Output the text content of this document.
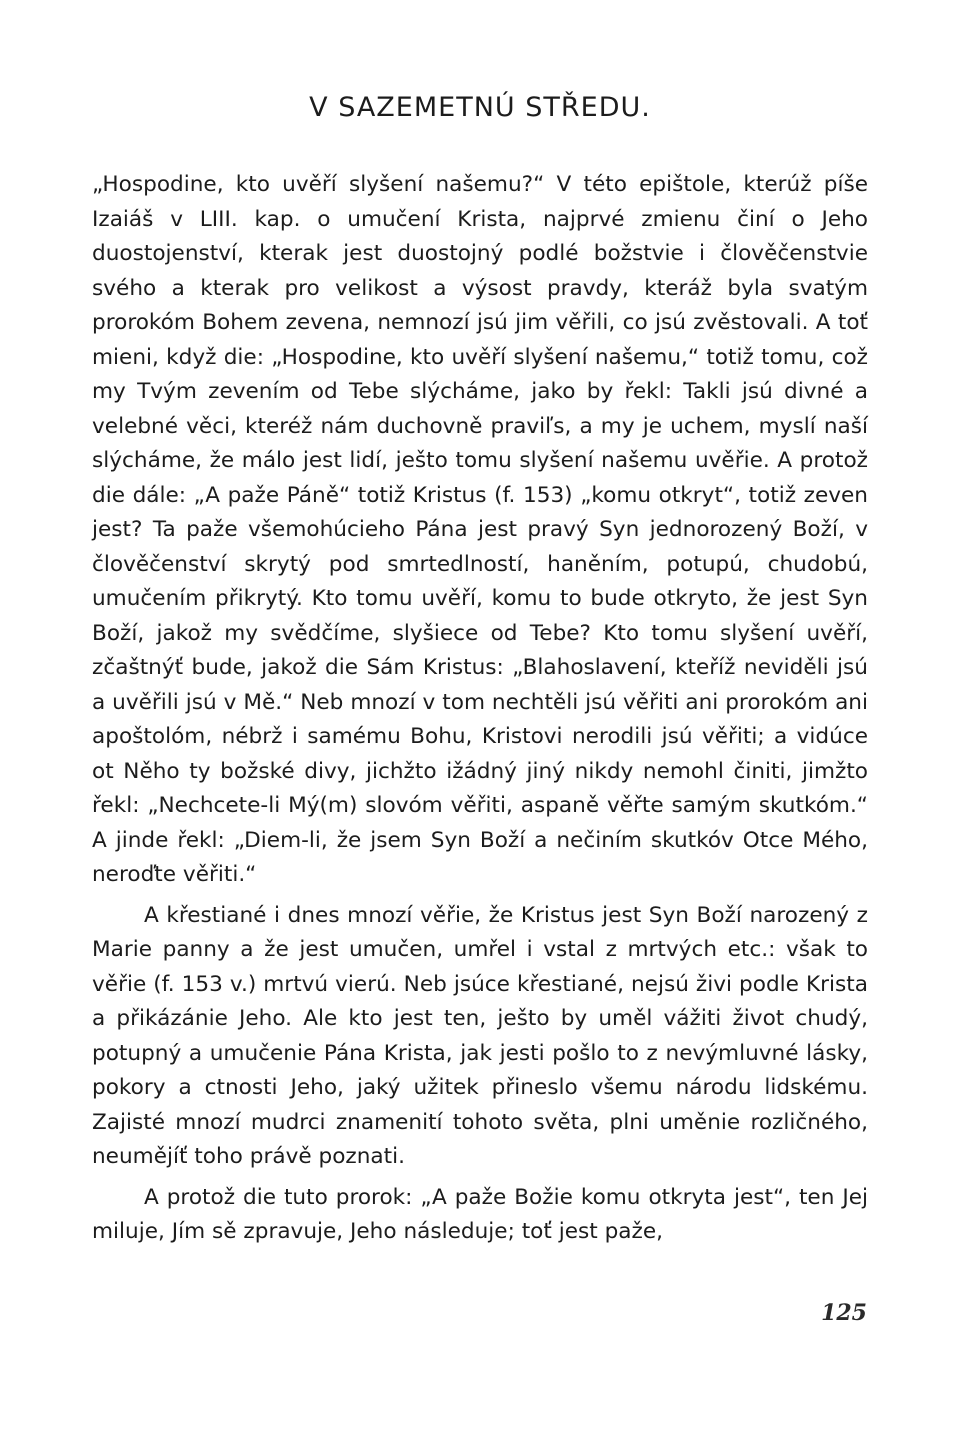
V SAZEMETNÚ STŘEDU.

„Hospodine, kto uvěří slyšení našemu?“ V této epištole, kterúž píše Izaiáš v LIII. kap. o umučení Krista, najprvé zmienu činí o Jeho duostojenství, kterak jest duostojný podlé božstvie i člověčenstvie svého a kterak pro velikost a výsost pravdy, kteráž byla svatým prorokóm Bohem zevena, nemnozí jsú jim věřili, co jsú zvěstovali. A toť mieni, když die: „Hospodine, kto uvěří slyšení našemu,“ totiž tomu, což my Tvým zevením od Tebe slýcháme, jako by řekl: Takli jsú divné a velebné věci, kteréž nám duchovně praviľs, a my je uchem, myslí naší slýcháme, že málo jest lidí, ješto tomu slyšení našemu uvěřie. A protož die dále: „A paže Páně“ totiž Kristus (f. 153) „komu otkryt“, totiž zeven jest? Ta paže všemohúcieho Pána jest pravý Syn jednorozený Boží, v člověčenství skrytý pod smrtedlností, haněním, potupú, chudobú, umučením přikrytý. Kto tomu uvěří, komu to bude otkryto, že jest Syn Boží, jakož my svědčíme, slyšiece od Tebe? Kto tomu slyšení uvěří, zčaštnýť bude, jakož die Sám Kristus: „Blahoslavení, kteříž neviděli jsú a uvěřili jsú v Mě.“ Neb mnozí v tom nechtěli jsú věřiti ani prorokóm ani apoštolóm, nébrž i samému Bohu, Kristovi nerodili jsú věřiti; a vidúce ot Něho ty božské divy, jichžto ižádný jiný nikdy nemohl činiti, jimžto řekl: „Nechcete-li Mý(m) slovóm věřiti, aspaně věřte samým skutkóm.“ A jinde řekl: „Diem-li, že jsem Syn Boží a nečiním skutkóv Otce Mého, neroďte věřiti.“

A křestiané i dnes mnozí věřie, že Kristus jest Syn Boží narozený z Marie panny a že jest umučen, umřel i vstal z mrtvých etc.: však to věřie (f. 153 v.) mrtvú vierú. Neb jsúce křestiané, nejsú živi podle Krista a přikázánie Jeho. Ale kto jest ten, ješto by uměl vážiti život chudý, potupný a umučenie Pána Krista, jak jesti pošlo to z nevýmluvné lásky, pokory a ctnosti Jeho, jaký užitek přineslo všemu národu lidskému. Zajisté mnozí mudrci znamenití tohoto světa, plni uměnie rozličného, neumějíť toho právě poznati.

A protož die tuto prorok: „A paže Božie komu otkryta jest“, ten Jej miluje, Jím sě zpravuje, Jeho následuje; toť jest paže,

125
